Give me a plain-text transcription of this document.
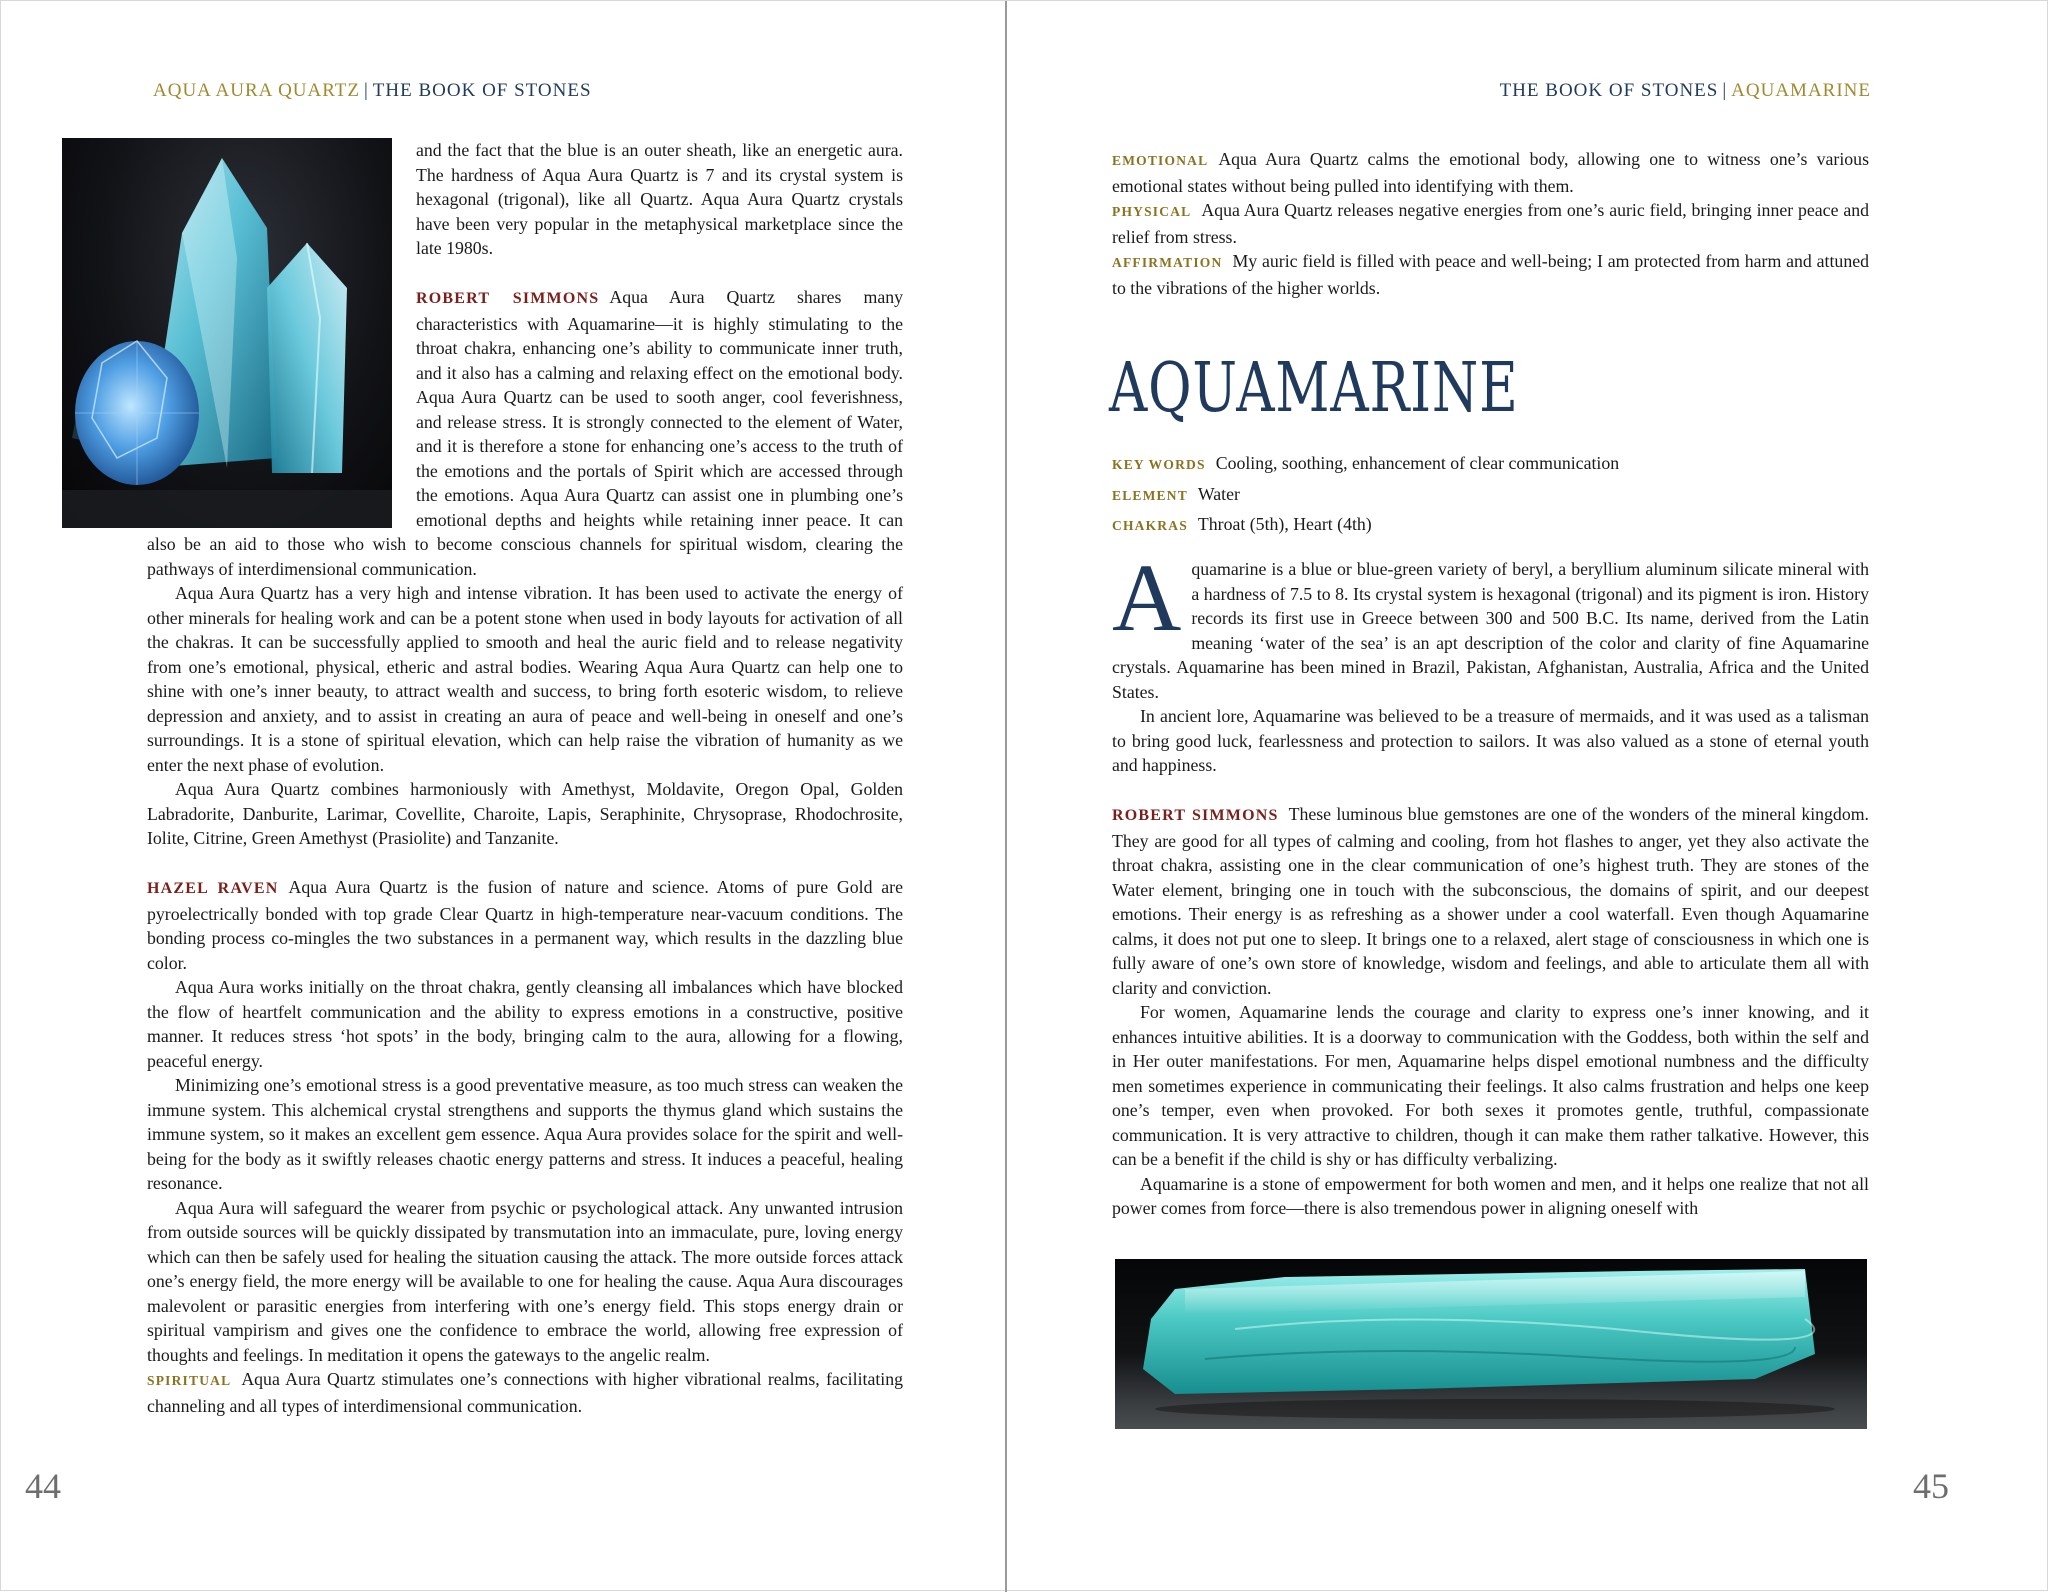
AQUA AURA QUARTZ | THE BOOK OF STONES

and the fact that the blue is an outer sheath, like an energetic aura. The hardness of Aqua Aura Quartz is 7 and its crystal system is hexagonal (trigonal), like all Quartz. Aqua Aura Quartz crystals have been very popular in the metaphysical marketplace since the late 1980s.

ROBERT SIMMONS Aqua Aura Quartz shares many characteristics with Aquamarine—it is highly stimulating to the throat chakra, enhancing one’s ability to communicate inner truth, and it also has a calming and relaxing effect on the emotional body. Aqua Aura Quartz can be used to sooth anger, cool feverishness, and release stress. It is strongly connected to the element of Water, and it is therefore a stone for enhancing one’s access to the truth of the emotions and the portals of Spirit which are accessed through the emotions. Aqua Aura Quartz can assist one in plumbing one’s emotional depths and heights while retaining inner peace. It can also be an aid to those who wish to become conscious channels for spiritual wisdom, clearing the pathways of interdimensional communication.

Aqua Aura Quartz has a very high and intense vibration. It has been used to activate the energy of other minerals for healing work and can be a potent stone when used in body layouts for activation of all the chakras. It can be successfully applied to smooth and heal the auric field and to release negativity from one’s emotional, physical, etheric and astral bodies. Wearing Aqua Aura Quartz can help one to shine with one’s inner beauty, to attract wealth and success, to bring forth esoteric wisdom, to relieve depression and anxiety, and to assist in creating an aura of peace and well-being in oneself and one’s surroundings. It is a stone of spiritual elevation, which can help raise the vibration of humanity as we enter the next phase of evolution.

Aqua Aura Quartz combines harmoniously with Amethyst, Moldavite, Oregon Opal, Golden Labradorite, Danburite, Larimar, Covellite, Charoite, Lapis, Seraphinite, Chrysoprase, Rhodochrosite, Iolite, Citrine, Green Amethyst (Prasiolite) and Tanzanite.

HAZEL RAVEN Aqua Aura Quartz is the fusion of nature and science. Atoms of pure Gold are pyroelectrically bonded with top grade Clear Quartz in high-temperature near-vacuum conditions. The bonding process co-mingles the two substances in a permanent way, which results in the dazzling blue color.

Aqua Aura works initially on the throat chakra, gently cleansing all imbalances which have blocked the flow of heartfelt communication and the ability to express emotions in a constructive, positive manner. It reduces stress ‘hot spots’ in the body, bringing calm to the aura, allowing for a flowing, peaceful energy.

Minimizing one’s emotional stress is a good preventative measure, as too much stress can weaken the immune system. This alchemical crystal strengthens and supports the thymus gland which sustains the immune system, so it makes an excellent gem essence. Aqua Aura provides solace for the spirit and well-being for the body as it swiftly releases chaotic energy patterns and stress. It induces a peaceful, healing resonance.

Aqua Aura will safeguard the wearer from psychic or psychological attack. Any unwanted intrusion from outside sources will be quickly dissipated by transmutation into an immaculate, pure, loving energy which can then be safely used for healing the situation causing the attack. The more outside forces attack one’s energy field, the more energy will be available to one for healing the cause. Aqua Aura discourages malevolent or parasitic energies from interfering with one’s energy field. This stops energy drain or spiritual vampirism and gives one the confidence to embrace the world, allowing free expression of thoughts and feelings. In meditation it opens the gateways to the angelic realm.

SPIRITUAL Aqua Aura Quartz stimulates one’s connections with higher vibrational realms, facilitating channeling and all types of interdimensional communication.

44
THE BOOK OF STONES | AQUAMARINE
45

EMOTIONAL Aqua Aura Quartz calms the emotional body, allowing one to witness one’s various emotional states without being pulled into identifying with them.

PHYSICAL Aqua Aura Quartz releases negative energies from one’s auric field, bringing inner peace and relief from stress.

AFFIRMATION My auric field is filled with peace and well-being; I am protected from harm and attuned to the vibrations of the higher worlds.

AQUAMARINE
KEY WORDS Cooling, soothing, enhancement of clear communication
ELEMENT Water
CHAKRAS Throat (5th), Heart (4th)

Aquamarine is a blue or blue-green variety of beryl, a beryllium aluminum silicate mineral with a hardness of 7.5 to 8. Its crystal system is hexagonal (trigonal) and its pigment is iron. History records its first use in Greece between 300 and 500 B.C. Its name, derived from the Latin meaning ‘water of the sea’ is an apt description of the color and clarity of fine Aquamarine crystals. Aquamarine has been mined in Brazil, Pakistan, Afghanistan, Australia, Africa and the United States.

In ancient lore, Aquamarine was believed to be a treasure of mermaids, and it was used as a talisman to bring good luck, fearlessness and protection to sailors. It was also valued as a stone of eternal youth and happiness.

ROBERT SIMMONS These luminous blue gemstones are one of the wonders of the mineral kingdom. They are good for all types of calming and cooling, from hot flashes to anger, yet they also activate the throat chakra, assisting one in the clear communication of one’s highest truth. They are stones of the Water element, bringing one in touch with the subconscious, the domains of spirit, and our deepest emotions. Their energy is as refreshing as a shower under a cool waterfall. Even though Aquamarine calms, it does not put one to sleep. It brings one to a relaxed, alert stage of consciousness in which one is fully aware of one’s own store of knowledge, wisdom and feelings, and able to articulate them all with clarity and conviction.

For women, Aquamarine lends the courage and clarity to express one’s inner knowing, and it enhances intuitive abilities. It is a doorway to communication with the Goddess, both within the self and in Her outer manifestations. For men, Aquamarine helps dispel emotional numbness and the difficulty men sometimes experience in communicating their feelings. It also calms frustration and helps one keep one’s temper, even when provoked. For both sexes it promotes gentle, truthful, compassionate communication. It is very attractive to children, though it can make them rather talkative. However, this can be a benefit if the child is shy or has difficulty verbalizing.

Aquamarine is a stone of empowerment for both women and men, and it helps one realize that not all power comes from force—there is also tremendous power in aligning oneself with
